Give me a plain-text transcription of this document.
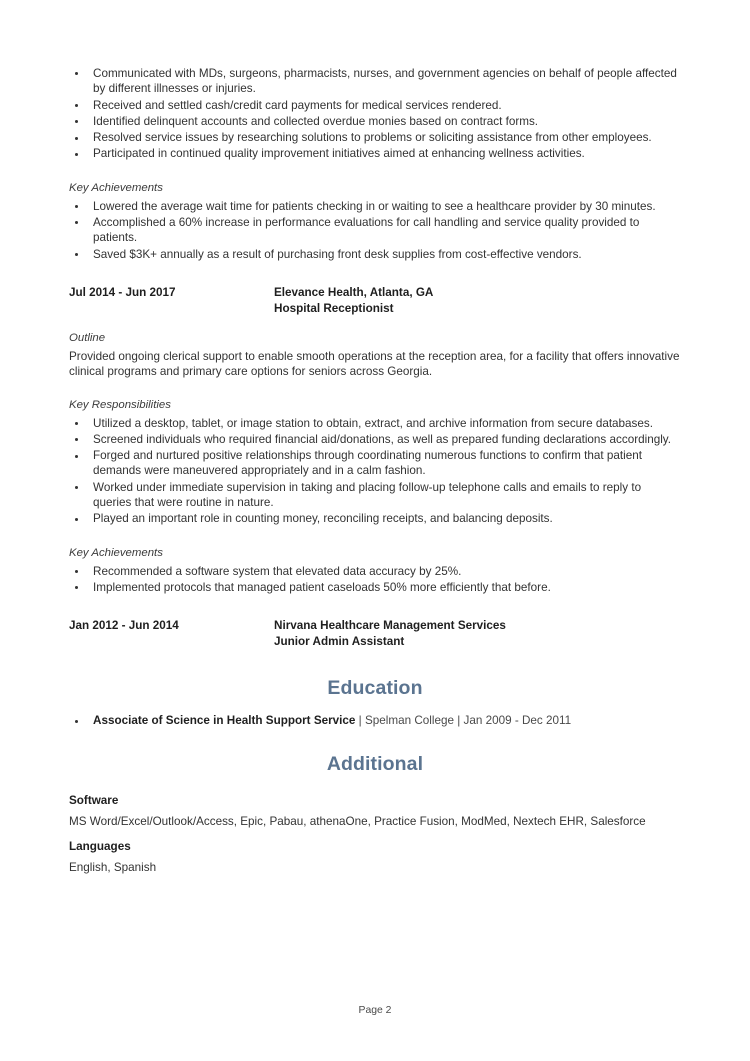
Communicated with MDs, surgeons, pharmacists, nurses, and government agencies on behalf of people affected by different illnesses or injuries.
Received and settled cash/credit card payments for medical services rendered.
Identified delinquent accounts and collected overdue monies based on contract forms.
Resolved service issues by researching solutions to problems or soliciting assistance from other employees.
Participated in continued quality improvement initiatives aimed at enhancing wellness activities.
Key Achievements
Lowered the average wait time for patients checking in or waiting to see a healthcare provider by 30 minutes.
Accomplished a 60% increase in performance evaluations for call handling and service quality provided to patients.
Saved $3K+ annually as a result of purchasing front desk supplies from cost-effective vendors.
Jul 2014 - Jun 2017	Elevance Health, Atlanta, GA
Hospital Receptionist
Outline

Provided ongoing clerical support to enable smooth operations at the reception area, for a facility that offers innovative clinical programs and primary care options for seniors across Georgia.

Key Responsibilities
Utilized a desktop, tablet, or image station to obtain, extract, and archive information from secure databases.
Screened individuals who required financial aid/donations, as well as prepared funding declarations accordingly.
Forged and nurtured positive relationships through coordinating numerous functions to confirm that patient demands were maneuvered appropriately and in a calm fashion.
Worked under immediate supervision in taking and placing follow-up telephone calls and emails to reply to queries that were routine in nature.
Played an important role in counting money, reconciling receipts, and balancing deposits.
Key Achievements
Recommended a software system that elevated data accuracy by 25%.
Implemented protocols that managed patient caseloads 50% more efficiently that before.
Jan 2012 - Jun 2014	Nirvana Healthcare Management Services
Junior Admin Assistant
Education
Associate of Science in Health Support Service | Spelman College | Jan 2009 - Dec 2011
Additional
Software

MS Word/Excel/Outlook/Access, Epic, Pabau, athenaOne, Practice Fusion, ModMed, Nextech EHR, Salesforce

Languages

English, Spanish

Page 2
